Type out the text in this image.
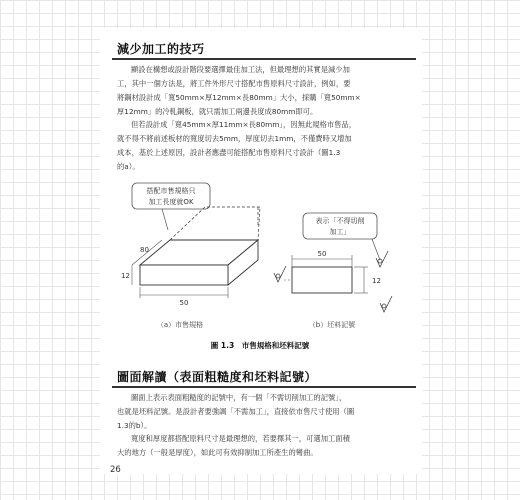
減少加工的技巧
顯設在構想或設計階段要選擇最佳加工法，但最理想的其實是減少加
工，其中一個方法是，將工件外形尺寸搭配市售原料尺寸設計，例如，要
將鋼材設計成「寬50mm×厚12mm×長80mm」大小，採購「寬50mm×
厚12mm」的冷軋鋼板，就只需加工兩邊長度成80mm即可。
但若設計成「寬45mm×厚11mm×長80mm」，因無此規格市售品，
就不得不將前述板材的寬度切去5mm，厚度切去1mm，不僅費時又增加
成本，基於上述原因，設計者應盡可能搭配市售原料尺寸設計（圖1.3
的a）。
搭配市售規格只
加工長度就OK
80
12
50
表示「不得切削
加工」
50
12
（a）市售規格	（b）坯料記號
圖 1.3　市售規格和坯料記號
圖面解讀（表面粗糙度和坯料記號）
圖面上表示表面粗糙度的記號中，有一個「不需切削加工的記號」，
也就是坯料記號。是設計者要強調「不需加工」，直接依市售尺寸使用（圖
1.3的b）。
寬度和厚度都搭配原料尺寸是最理想的，若要擇其一，可選加工面積
大的地方（一般是厚度），如此可有效抑制加工所產生的彎曲。
26
